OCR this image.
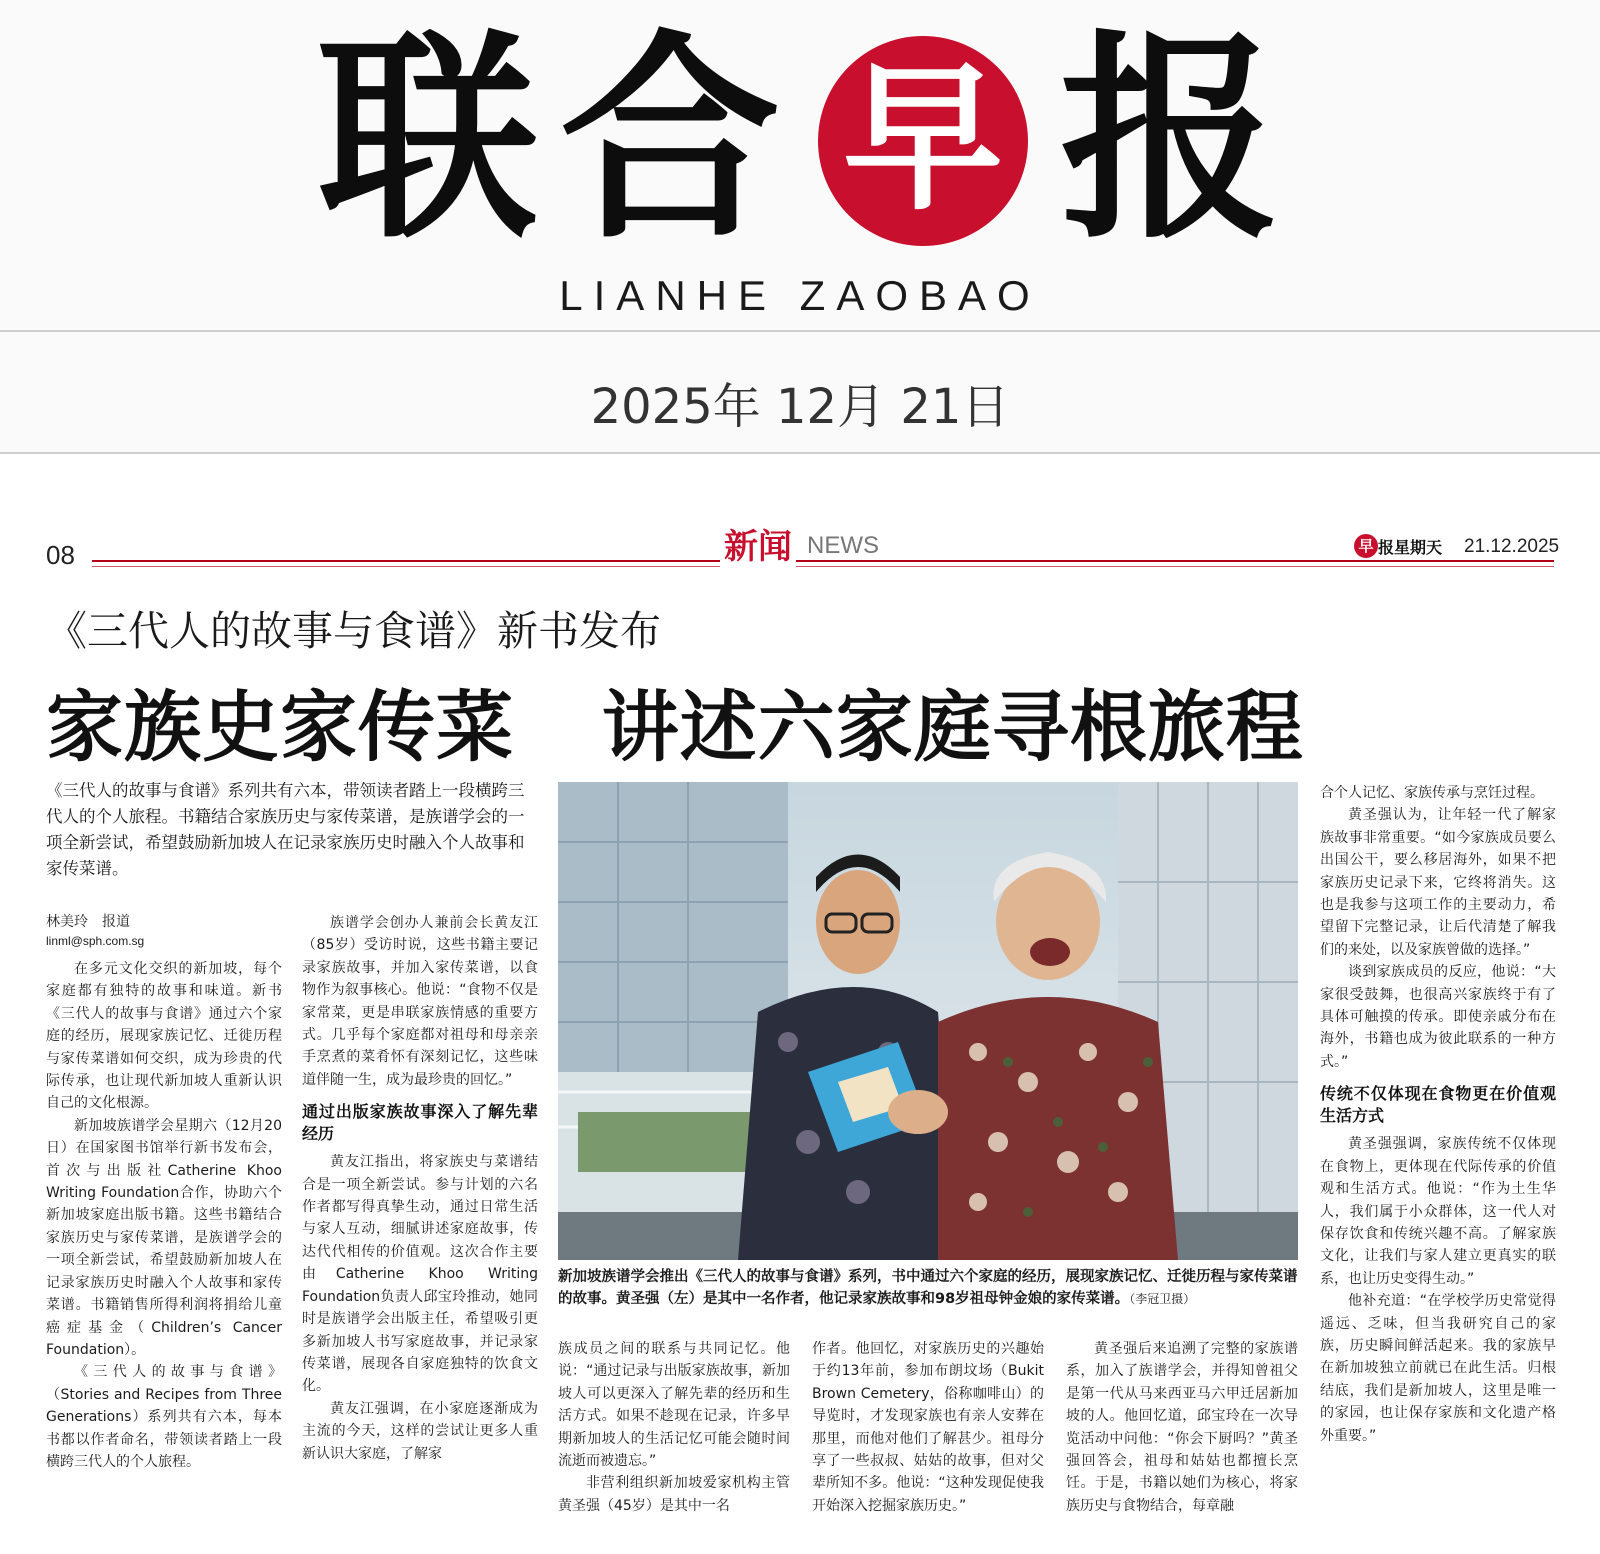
联 合 早 报
LIANHE ZAOBAO
2025年 12月 21日
08	新闻 NEWS	早 报星期天 21.12.2025
《三代人的故事与食谱》新书发布
家族史家传菜 讲述六家庭寻根旅程
《三代人的故事与食谱》系列共有六本，带领读者踏上一段横跨三代人的个人旅程。书籍结合家族历史与家传菜谱，是族谱学会的一项全新尝试，希望鼓励新加坡人在记录家族历史时融入个人故事和家传菜谱。
林美玲　报道
linml@sph.com.sg

在多元文化交织的新加坡，每个家庭都有独特的故事和味道。新书《三代人的故事与食谱》通过六个家庭的经历，展现家族记忆、迁徙历程与家传菜谱如何交织，成为珍贵的代际传承，也让现代新加坡人重新认识自己的文化根源。

新加坡族谱学会星期六（12月20日）在国家图书馆举行新书发布会，首次与出版社Catherine Khoo Writing Foundation合作，协助六个新加坡家庭出版书籍。这些书籍结合家族历史与家传菜谱，是族谱学会的一项全新尝试，希望鼓励新加坡人在记录家族历史时融入个人故事和家传菜谱。书籍销售所得利润将捐给儿童癌症基金（Children’s Cancer Foundation）。

《三代人的故事与食谱》（Stories and Recipes from Three Generations）系列共有六本，每本书都以作者命名，带领读者踏上一段横跨三代人的个人旅程。

族谱学会创办人兼前会长黄友江（85岁）受访时说，这些书籍主要记录家族故事，并加入家传菜谱，以食物作为叙事核心。他说：“食物不仅是家常菜，更是串联家族情感的重要方式。几乎每个家庭都对祖母和母亲亲手烹煮的菜肴怀有深刻记忆，这些味道伴随一生，成为最珍贵的回忆。”

通过出版家族故事深入了解先辈经历

黄友江指出，将家族史与菜谱结合是一项全新尝试。参与计划的六名作者都写得真挚生动，通过日常生活与家人互动，细腻讲述家庭故事，传达代代相传的价值观。这次合作主要由Catherine Khoo Writing Foundation负责人邱宝玲推动，她同时是族谱学会出版主任，希望吸引更多新加坡人书写家庭故事，并记录家传菜谱，展现各自家庭独特的饮食文化。

黄友江强调，在小家庭逐渐成为主流的今天，这样的尝试让更多人重新认识大家庭，了解家

新加坡族谱学会推出《三代人的故事与食谱》系列，书中通过六个家庭的经历，展现家族记忆、迁徙历程与家传菜谱的故事。黄圣强（左）是其中一名作者，他记录家族故事和98岁祖母钟金娘的家传菜谱。（李冠卫摄）

族成员之间的联系与共同记忆。他说：“通过记录与出版家族故事，新加坡人可以更深入了解先辈的经历和生活方式。如果不趁现在记录，许多早期新加坡人的生活记忆可能会随时间流逝而被遗忘。”

非营利组织新加坡爱家机构主管黄圣强（45岁）是其中一名

作者。他回忆，对家族历史的兴趣始于约13年前，参加布朗坟场（Bukit Brown Cemetery，俗称咖啡山）的导览时，才发现家族也有亲人安葬在那里，而他对他们了解甚少。祖母分享了一些叔叔、姑姑的故事，但对父辈所知不多。他说：“这种发现促使我开始深入挖掘家族历史。”

黄圣强后来追溯了完整的家族谱系，加入了族谱学会，并得知曾祖父是第一代从马来西亚马六甲迁居新加坡的人。他回忆道，邱宝玲在一次导览活动中问他：“你会下厨吗？”黄圣强回答会，祖母和姑姑也都擅长烹饪。于是，书籍以她们为核心，将家族历史与食物结合，每章融

合个人记忆、家族传承与烹饪过程。

黄圣强认为，让年轻一代了解家族故事非常重要。“如今家族成员要么出国公干，要么移居海外，如果不把家族历史记录下来，它终将消失。这也是我参与这项工作的主要动力，希望留下完整记录，让后代清楚了解我们的来处，以及家族曾做的选择。”

谈到家族成员的反应，他说：“大家很受鼓舞，也很高兴家族终于有了具体可触摸的传承。即使亲戚分布在海外，书籍也成为彼此联系的一种方式。”

传统不仅体现在食物更在价值观生活方式

黄圣强强调，家族传统不仅体现在食物上，更体现在代际传承的价值观和生活方式。他说：“作为土生华人，我们属于小众群体，这一代人对保存饮食和传统兴趣不高。了解家族文化，让我们与家人建立更真实的联系，也让历史变得生动。”

他补充道：“在学校学历史常觉得遥远、乏味，但当我研究自己的家族，历史瞬间鲜活起来。我的家族早在新加坡独立前就已在此生活。归根结底，我们是新加坡人，这里是唯一的家园，也让保存家族和文化遗产格外重要。”
